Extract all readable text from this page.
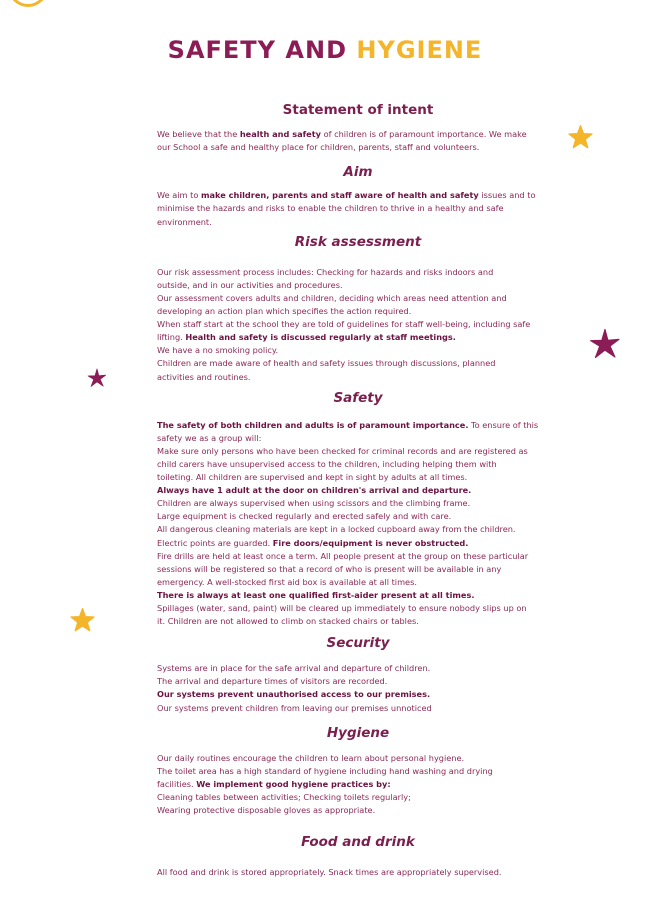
SAFETY AND HYGIENE
Statement of intent

We believe that the health and safety of children is of paramount importance. We make

our School a safe and healthy place for children, parents, staff and volunteers.

Aim

We aim to make children, parents and staff aware of health and safety issues and to

minimise the hazards and risks to enable the children to thrive in a healthy and safe

environment.

Risk assessment

Our risk assessment process includes: Checking for hazards and risks indoors and

outside, and in our activities and procedures.

Our assessment covers adults and children, deciding which areas need attention and

developing an action plan which specifies the action required.

When staff start at the school they are told of guidelines for staff well-being, including safe

lifting. Health and safety is discussed regularly at staff meetings.

We have a no smoking policy.

Children are made aware of health and safety issues through discussions, planned

activities and routines.

Safety

The safety of both children and adults is of paramount importance. To ensure of this

safety we as a group will:

Make sure only persons who have been checked for criminal records and are registered as

child carers have unsupervised access to the children, including helping them with

toileting. All children are supervised and kept in sight by adults at all times.

Always have 1 adult at the door on children's arrival and departure.

Children are always supervised when using scissors and the climbing frame.

Large equipment is checked regularly and erected safely and with care.

All dangerous cleaning materials are kept in a locked cupboard away from the children.

Electric points are guarded. Fire doors/equipment is never obstructed.

Fire drills are held at least once a term. All people present at the group on these particular

sessions will be registered so that a record of who is present will be available in any

emergency. A well-stocked first aid box is available at all times.

There is always at least one qualified first-aider present at all times.

Spillages (water, sand, paint) will be cleared up immediately to ensure nobody slips up on

it. Children are not allowed to climb on stacked chairs or tables.

Security

Systems are in place for the safe arrival and departure of children.

The arrival and departure times of visitors are recorded.

Our systems prevent unauthorised access to our premises.

Our systems prevent children from leaving our premises unnoticed

Hygiene

Our daily routines encourage the children to learn about personal hygiene.

The toilet area has a high standard of hygiene including hand washing and drying

facilities. We implement good hygiene practices by:

Cleaning tables between activities; Checking toilets regularly;

Wearing protective disposable gloves as appropriate.

Food and drink

All food and drink is stored appropriately. Snack times are appropriately supervised.
